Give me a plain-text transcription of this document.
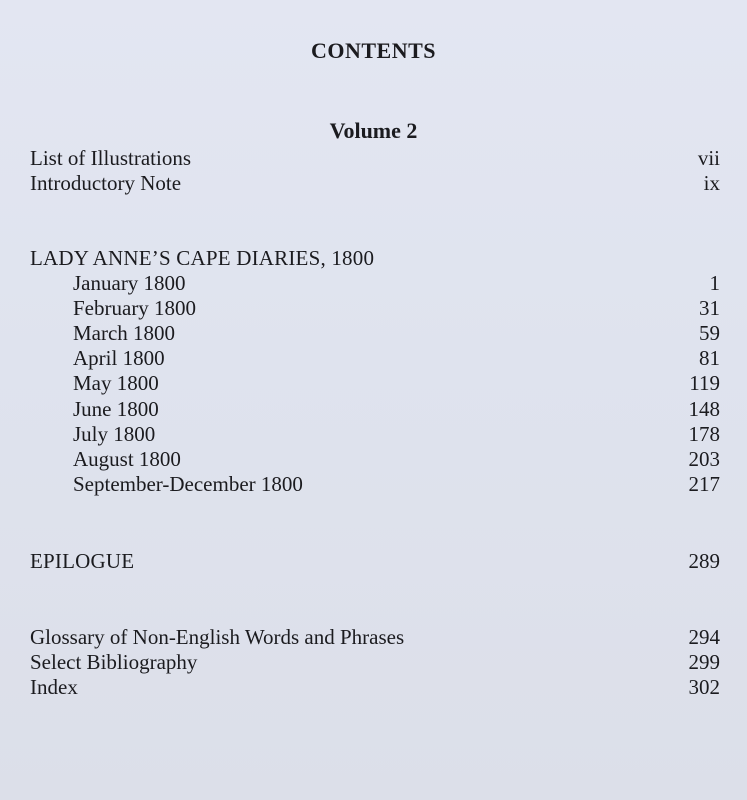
CONTENTS
Volume 2
List of Illustrations	vii
Introductory Note	ix
LADY ANNE’S CAPE DIARIES, 1800
January 1800	1
February 1800	31
March 1800	59
April 1800	81
May 1800	119
June 1800	148
July 1800	178
August 1800	203
September-December 1800	217
EPILOGUE	289
Glossary of Non-English Words and Phrases	294
Select Bibliography	299
Index	302
